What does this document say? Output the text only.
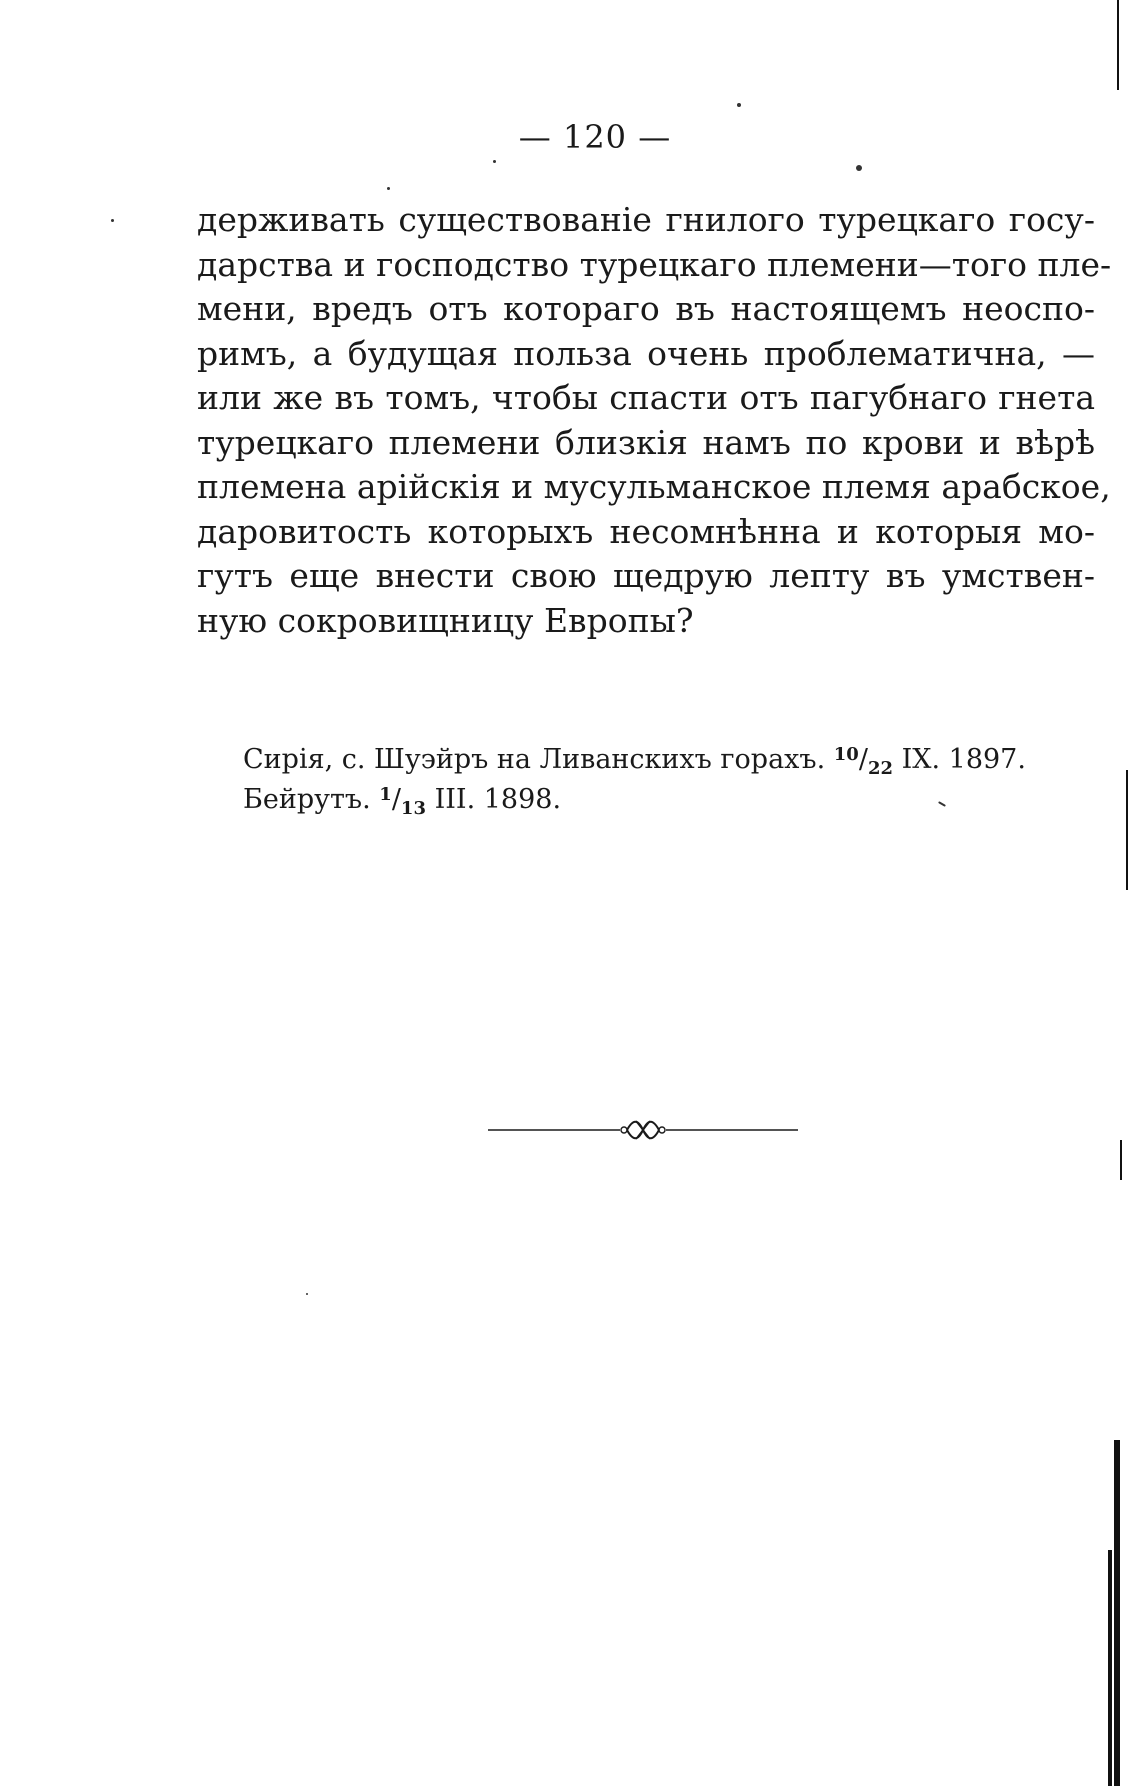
— 120 —
держивать существованіе гнилого турецкаго госу-
дарства и господство турецкаго племени—того пле-
мени, вредъ отъ котораго въ настоящемъ неоспо-
римъ, а будущая польза очень проблематична, —
или же въ томъ, чтобы спасти отъ пагубнаго гнета
турецкаго племени близкія намъ по крови и вѣрѣ
племена арійскія и мусульманское племя арабское,
даровитость которыхъ несомнѣнна и которыя мо-
гутъ еще внести свою щедрую лепту въ умствен-
ную сокровищницу Европы?
Сирія, с. Шуэйръ на Ливанскихъ горахъ. $^{10}/_{22}$ IX. 1897.
Бейрутъ. $^1/_{13}$ III. 1898.
